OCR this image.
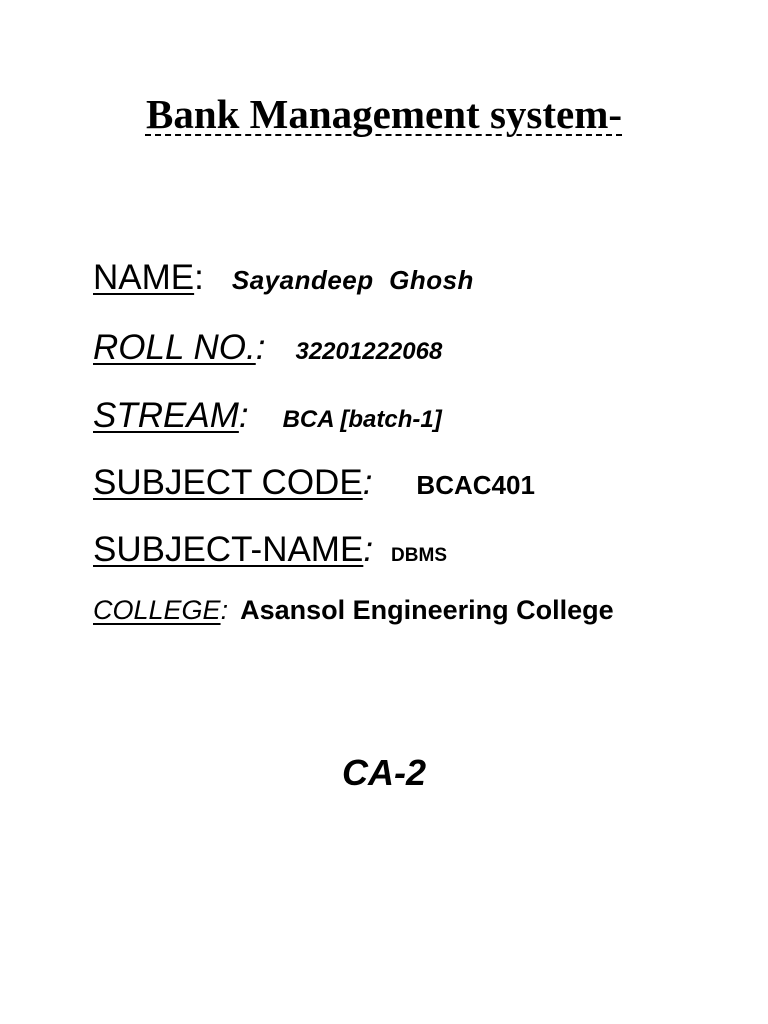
Bank Management system-
NAME: Sayandeep  Ghosh
ROLL NO.: 32201222068
STREAM: BCA [batch-1]
SUBJECT CODE: BCAC401
SUBJECT-NAME: DBMS
COLLEGE: Asansol Engineering College
CA-2
